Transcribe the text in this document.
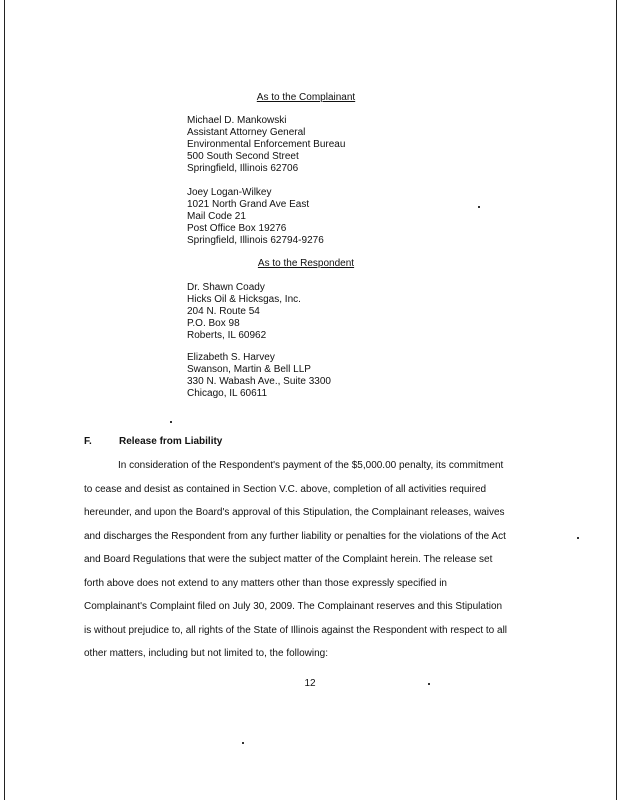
As to the Complainant
Michael D. Mankowski
Assistant Attorney General
Environmental Enforcement Bureau
500 South Second Street
Springfield, Illinois 62706
Joey Logan-Wilkey
1021 North Grand Ave East
Mail Code 21
Post Office Box 19276
Springfield, Illinois 62794-9276
As to the Respondent
Dr. Shawn Coady
Hicks Oil & Hicksgas, Inc.
204 N. Route 54
P.O. Box 98
Roberts, IL 60962
Elizabeth S. Harvey
Swanson, Martin & Bell LLP
330 N. Wabash Ave., Suite 3300
Chicago, IL 60611
F.	Release from Liability
In consideration of the Respondent's payment of the $5,000.00 penalty, its commitment
to cease and desist as contained in Section V.C. above, completion of all activities required
hereunder, and upon the Board's approval of this Stipulation, the Complainant releases, waives
and discharges the Respondent from any further liability or penalties for the violations of the Act
and Board Regulations that were the subject matter of the Complaint herein. The release set
forth above does not extend to any matters other than those expressly specified in
Complainant's Complaint filed on July 30, 2009. The Complainant reserves and this Stipulation
is without prejudice to, all rights of the State of Illinois against the Respondent with respect to all
other matters, including but not limited to, the following:
12
